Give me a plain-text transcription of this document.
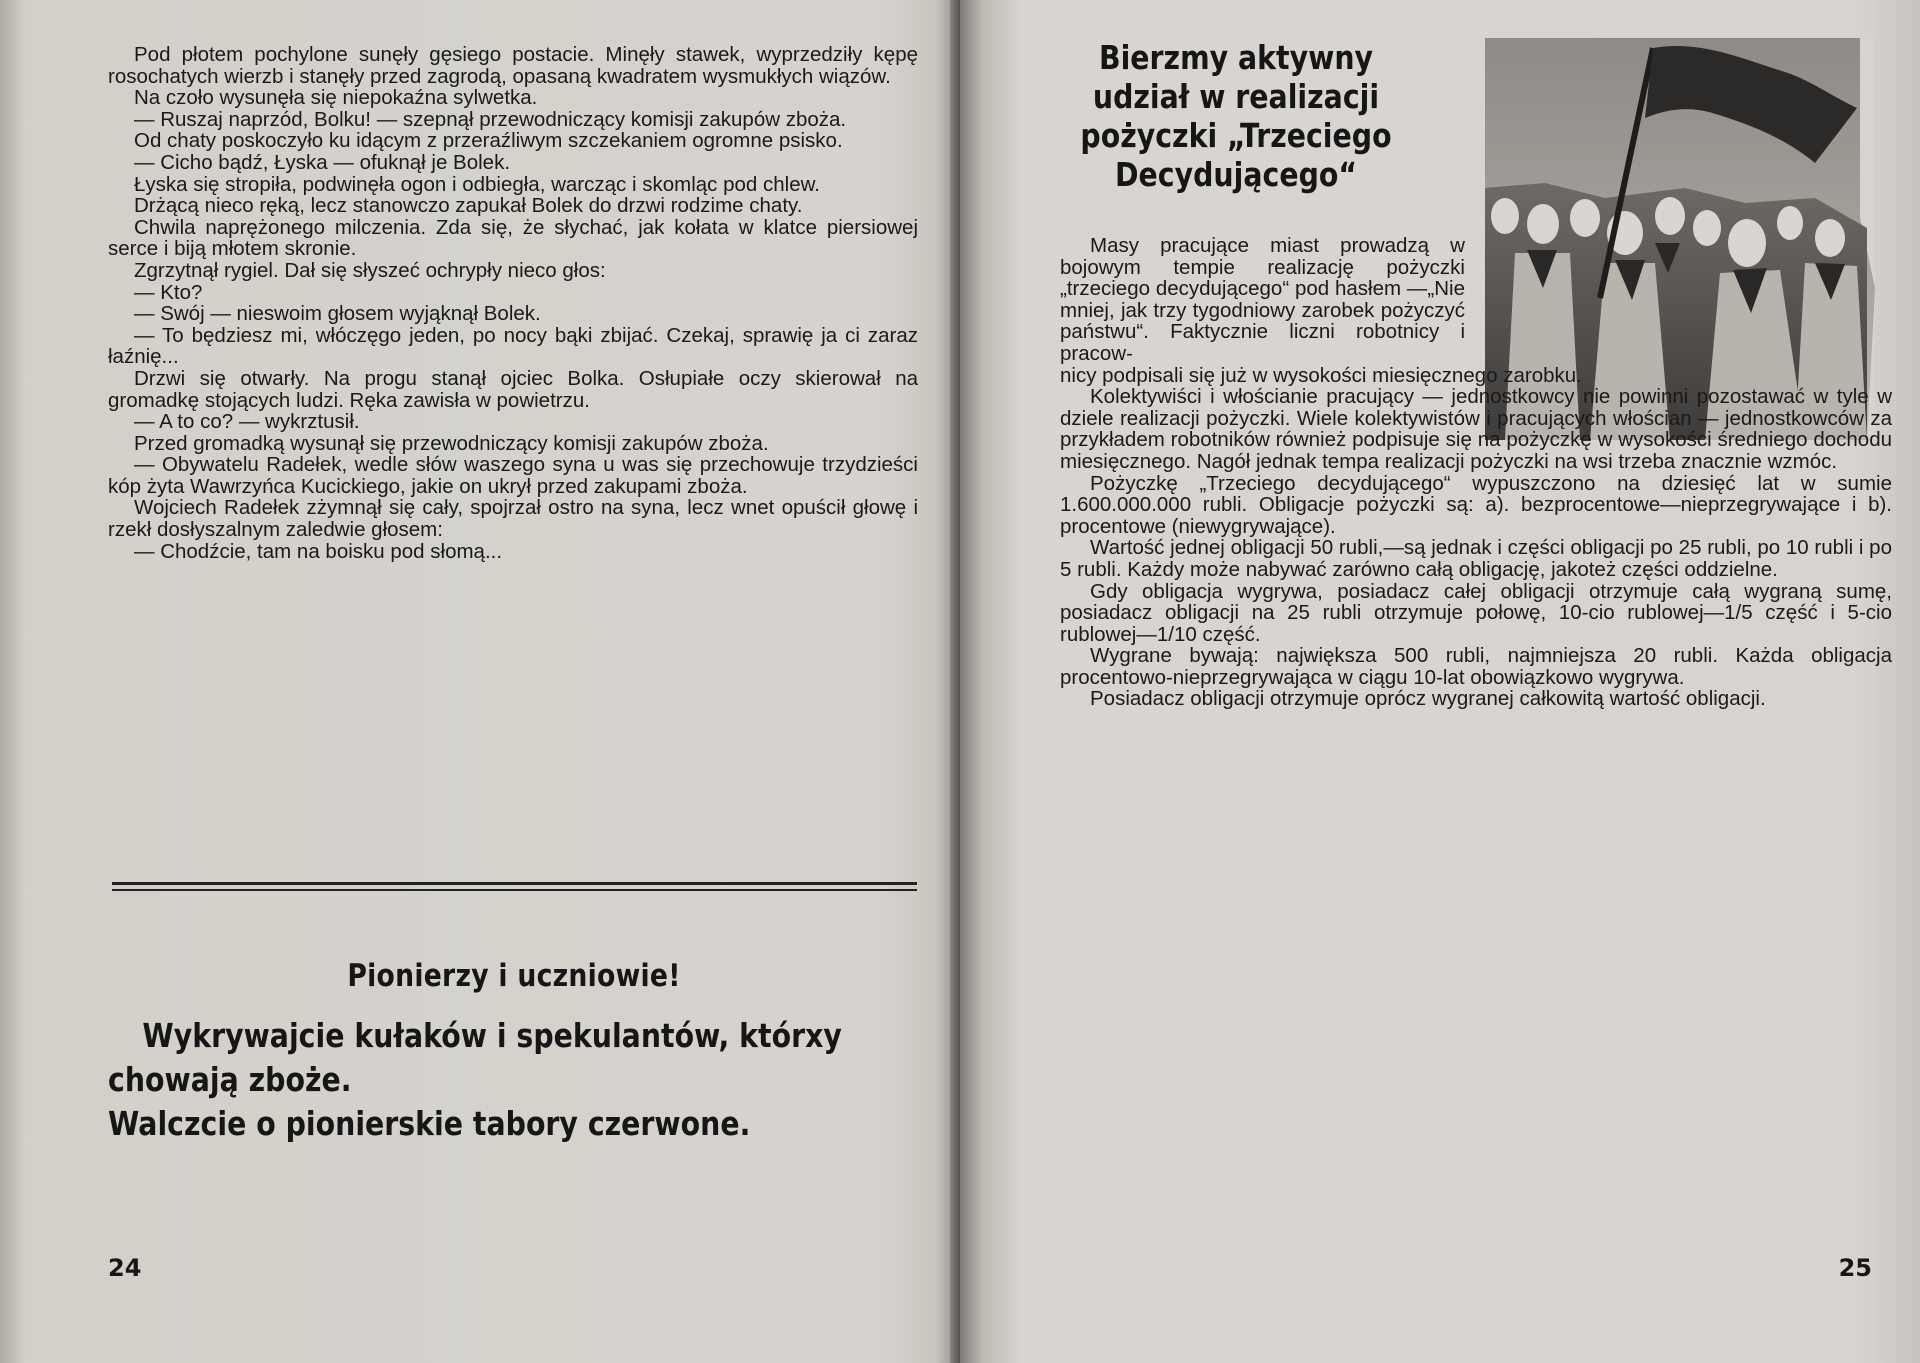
Pod płotem pochylone sunęły gęsiego postacie. Minęły stawek, wyprzedziły kępę rosochatych wierzb i stanęły przed zagrodą, opasaną kwadratem wysmukłych wiązów.

Na czoło wysunęła się niepokaźna sylwetka.

— Ruszaj naprzód, Bolku! — szepnął przewodniczący komisji zakupów zboża.

Od chaty poskoczyło ku idącym z przeraźliwym szczekaniem ogromne psisko.

— Cicho bądź, Łyska — ofuknął je Bolek.

Łyska się stropiła, podwinęła ogon i odbiegła, warcząc i skomląc pod chlew.

Drżącą nieco ręką, lecz stanowczo zapukał Bolek do drzwi rodzime chaty.

Chwila naprężonego milczenia. Zda się, że słychać, jak kołata w klatce piersiowej serce i biją młotem skronie.

Zgrzytnął rygiel. Dał się słyszeć ochrypły nieco głos:

— Kto?

— Swój — nieswoim głosem wyjąknął Bolek.

— To będziesz mi, włóczęgo jeden, po nocy bąki zbijać. Czekaj, sprawię ja ci zaraz łaźnię...

Drzwi się otwarły. Na progu stanął ojciec Bolka. Osłupiałe oczy skierował na gromadkę stojących ludzi. Ręka zawisła w powietrzu.

— A to co? — wykrztusił.

Przed gromadką wysunął się przewodniczący komisji zakupów zboża.

— Obywatelu Radełek, wedle słów waszego syna u was się przechowuje trzydzieści kóp żyta Wawrzyńca Kucickiego, jakie on ukrył przed zakupami zboża.

Wojciech Radełek zżymnął się cały, spojrzał ostro na syna, lecz wnet opuścił głowę i rzekł dosłyszalnym zaledwie głosem:

— Chodźcie, tam na boisku pod słomą...

Pionierzy i uczniowie!
Wykrywajcie kułaków i spekulantów, którxy
chowają zboże.
Walczcie o pionierskie tabory czerwone.
24
Bierzmy aktywny udział w realizacji pożyczki „Trzeciego Decydującego“

Masy pracujące miast prowadzą w bojowym tempie realizację pożyczki „trzeciego decydującego“ pod hasłem —„Nie mniej, jak trzy tygodniowy zarobek pożyczyć państwu“. Faktycznie liczni robotnicy i pracow-

nicy podpisali się już w wysokości miesięcznego zarobku.

Kolektywiści i włościanie pracujący — jednostkowcy nie powinni pozostawać w tyle w dziele realizacji pożyczki. Wiele kolektywistów i pracujących włościan — jednostkowców za przykładem robotników również podpisuje się na pożyczkę w wysokości średniego dochodu miesięcznego. Nagół jednak tempa realizacji pożyczki na wsi trzeba znacznie wzmóc.

Pożyczkę „Trzeciego decydującego“ wypuszczono na dziesięć lat w sumie 1.600.000.000 rubli. Obligacje pożyczki są: a). bezprocentowe—nieprzegrywające i b). procentowe (niewygrywające).

Wartość jednej obligacji 50 rubli,—są jednak i części obligacji po 25 rubli, po 10 rubli i po 5 rubli. Każdy może nabywać zarówno całą obligację, jakoteż części oddzielne.

Gdy obligacja wygrywa, posiadacz całej obligacji otrzymuje całą wygraną sumę, posiadacz obligacji na 25 rubli otrzymuje połowę, 10-cio rublowej—1/5 część i 5-cio rublowej—1/10 część.

Wygrane bywają: największa 500 rubli, najmniejsza 20 rubli. Każda obligacja procentowo-nieprzegrywająca w ciągu 10-lat obowiązkowo wygrywa.

Posiadacz obligacji otrzymuje oprócz wygranej całkowitą wartość obligacji.

25
